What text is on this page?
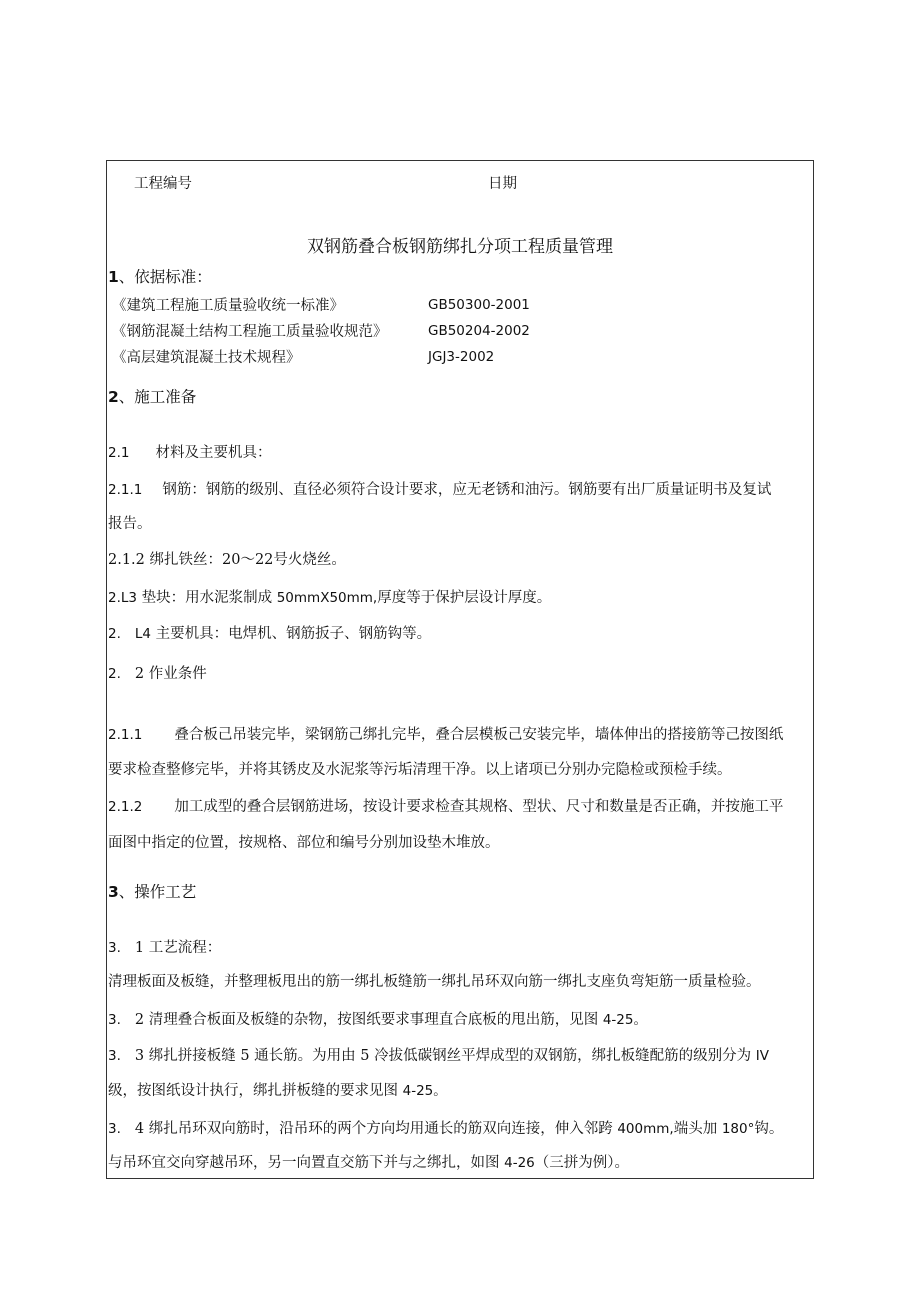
工程编号	日期
双钢筋叠合板钢筋绑扎分项工程质量管理
1、依据标准：
《建筑工程施工质量验收统一标准》	GB50300-2001
《钢筋混凝土结构工程施工质量验收规范》	GB50204-2002
《高层建筑混凝土技术规程》	JGJ3-2002
2、施工准备
2.1 材料及主要机具：
2.1.1 钢筋：钢筋的级别、直径必须符合设计要求，应无老锈和油污。钢筋要有出厂质量证明书及复试
报告。
2.1.2 绑扎铁丝：20～22号火烧丝。
2.L3 垫块：用水泥浆制成 50mmX50mm,厚度等于保护层设计厚度。
2. L4 主要机具：电焊机、钢筋扳子、钢筋钩等。
2. 2 作业条件
2.1.1 叠合板己吊装完毕，梁钢筋己绑扎完毕，叠合层模板己安装完毕，墙体伸出的搭接筋等己按图纸
要求检查整修完毕，并将其锈皮及水泥浆等污垢清理干净。以上诸项已分别办完隐检或预检手续。
2.1.2 加工成型的叠合层钢筋进场，按设计要求检查其规格、型状、尺寸和数量是否正确，并按施工平
面图中指定的位置，按规格、部位和编号分别加设垫木堆放。
3、操作工艺
3. 1 工艺流程：
清理板面及板缝，并整理板甩出的筋一绑扎板缝筋一绑扎吊环双向筋一绑扎支座负弯矩筋一质量检验。
3. 2 清理叠合板面及板缝的杂物，按图纸要求事理直合底板的甩出筋，见图 4-25。
3. 3 绑扎拼接板缝 5 通长筋。为用由 5 冷拔低碳钢丝平焊成型的双钢筋，绑扎板缝配筋的级别分为 IV
级，按图纸设计执行，绑扎拼板缝的要求见图 4-25。
3. 4 绑扎吊环双向筋时，沿吊环的两个方向均用通长的筋双向连接，伸入邻跨 400mm,端头加 180°钩。
与吊环宜交向穿越吊环，另一向置直交筋下并与之绑扎，如图 4-26（三拼为例）。
